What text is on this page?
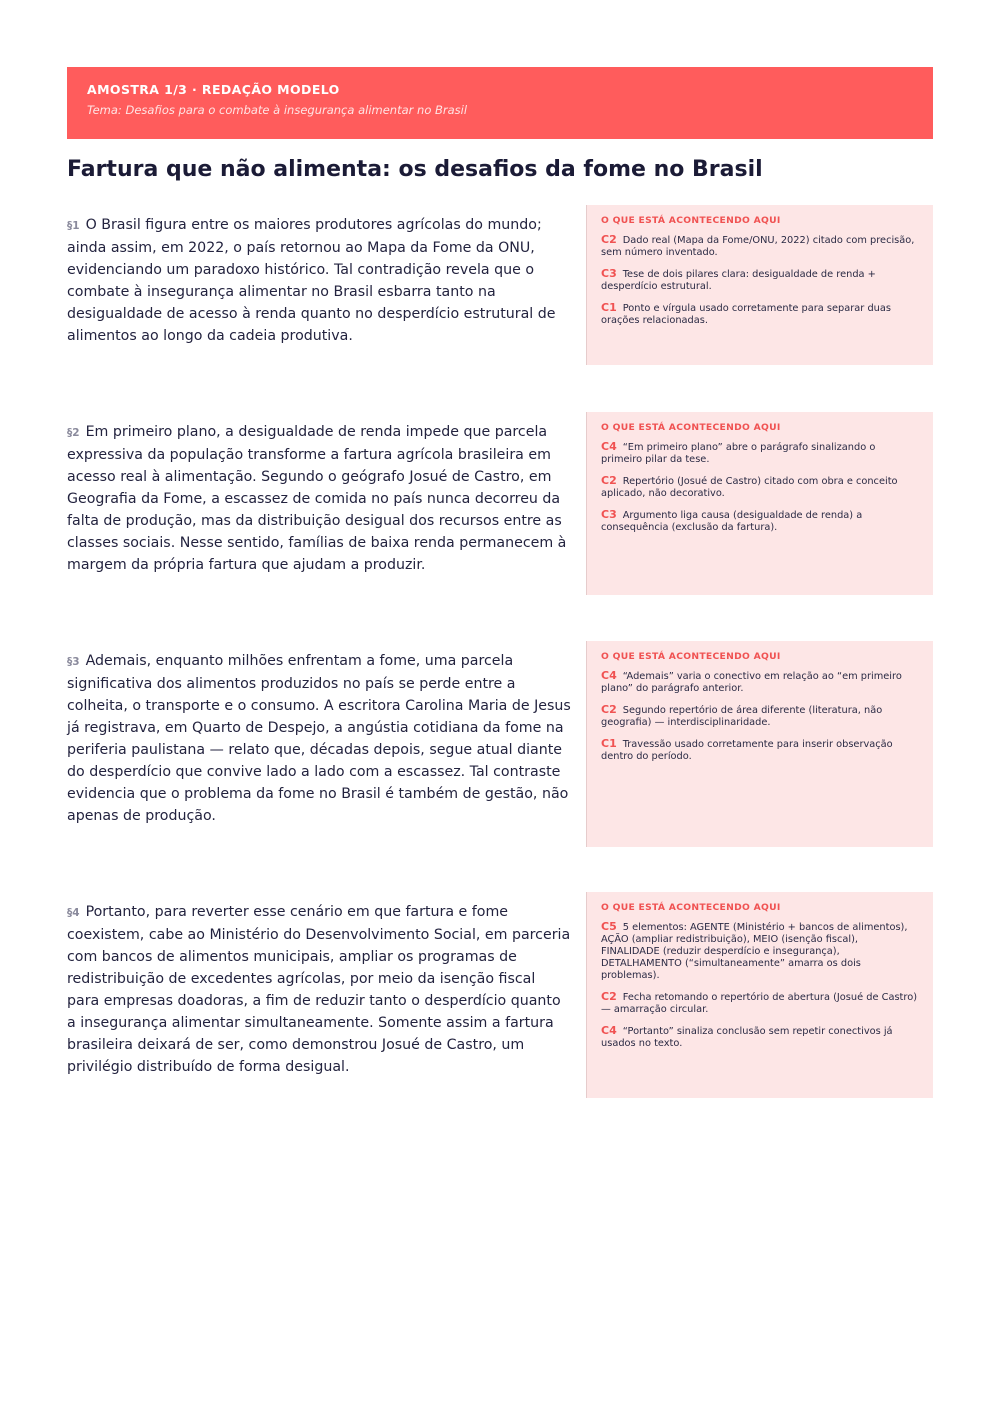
AMOSTRA 1/3 · REDAÇÃO MODELO
Tema: Desafios para o combate à insegurança alimentar no Brasil
Fartura que não alimenta: os desafios da fome no Brasil

§1 O Brasil figura entre os maiores produtores agrícolas do mundo; ainda assim, em 2022, o país retornou ao Mapa da Fome da ONU, evidenciando um paradoxo histórico. Tal contradição revela que o combate à insegurança alimentar no Brasil esbarra tanto na desigualdade de acesso à renda quanto no desperdício estrutural de alimentos ao longo da cadeia produtiva.

O QUE ESTÁ ACONTECENDO AQUI
C2 Dado real (Mapa da Fome/ONU, 2022) citado com precisão, sem número inventado.
C3 Tese de dois pilares clara: desigualdade de renda + desperdício estrutural.
C1 Ponto e vírgula usado corretamente para separar duas orações relacionadas.

§2 Em primeiro plano, a desigualdade de renda impede que parcela expressiva da população transforme a fartura agrícola brasileira em acesso real à alimentação. Segundo o geógrafo Josué de Castro, em Geografia da Fome, a escassez de comida no país nunca decorreu da falta de produção, mas da distribuição desigual dos recursos entre as classes sociais. Nesse sentido, famílias de baixa renda permanecem à margem da própria fartura que ajudam a produzir.

O QUE ESTÁ ACONTECENDO AQUI
C4 “Em primeiro plano” abre o parágrafo sinalizando o primeiro pilar da tese.
C2 Repertório (Josué de Castro) citado com obra e conceito aplicado, não decorativo.
C3 Argumento liga causa (desigualdade de renda) a consequência (exclusão da fartura).

§3 Ademais, enquanto milhões enfrentam a fome, uma parcela significativa dos alimentos produzidos no país se perde entre a colheita, o transporte e o consumo. A escritora Carolina Maria de Jesus já registrava, em Quarto de Despejo, a angústia cotidiana da fome na periferia paulistana — relato que, décadas depois, segue atual diante do desperdício que convive lado a lado com a escassez. Tal contraste evidencia que o problema da fome no Brasil é também de gestão, não apenas de produção.

O QUE ESTÁ ACONTECENDO AQUI
C4 “Ademais” varia o conectivo em relação ao “em primeiro plano” do parágrafo anterior.
C2 Segundo repertório de área diferente (literatura, não geografia) — interdisciplinaridade.
C1 Travessão usado corretamente para inserir observação dentro do período.

§4 Portanto, para reverter esse cenário em que fartura e fome coexistem, cabe ao Ministério do Desenvolvimento Social, em parceria com bancos de alimentos municipais, ampliar os programas de redistribuição de excedentes agrícolas, por meio da isenção fiscal para empresas doadoras, a fim de reduzir tanto o desperdício quanto a insegurança alimentar simultaneamente. Somente assim a fartura brasileira deixará de ser, como demonstrou Josué de Castro, um privilégio distribuído de forma desigual.

O QUE ESTÁ ACONTECENDO AQUI
C5 5 elementos: AGENTE (Ministério + bancos de alimentos), AÇÃO (ampliar redistribuição), MEIO (isenção fiscal), FINALIDADE (reduzir desperdício e insegurança), DETALHAMENTO (“simultaneamente” amarra os dois problemas).
C2 Fecha retomando o repertório de abertura (Josué de Castro) — amarração circular.
C4 “Portanto” sinaliza conclusão sem repetir conectivos já usados no texto.
